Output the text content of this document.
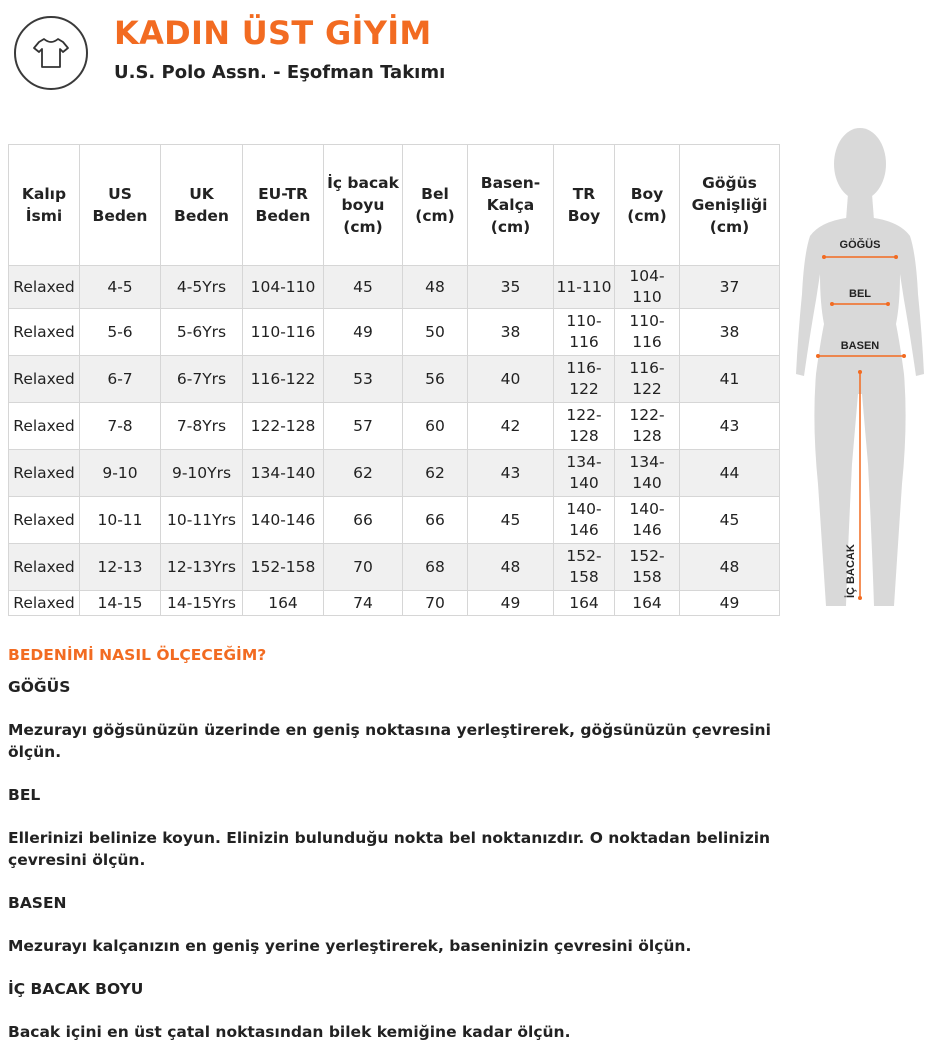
KADIN ÜST GİYİM
U.S. Polo Assn. - Eşofman Takımı
Kalıp İsmi	US Beden	UK Beden	EU-TR Beden	İç bacak boyu (cm)	Bel (cm)	Basen-Kalça (cm)	TR Boy	Boy (cm)	Göğüs Genişliği (cm)
Relaxed	4-5	4-5Yrs	104-110	45	48	35	11-110	104-110	37
Relaxed	5-6	5-6Yrs	110-116	49	50	38	110-116	110-116	38
Relaxed	6-7	6-7Yrs	116-122	53	56	40	116-122	116-122	41
Relaxed	7-8	7-8Yrs	122-128	57	60	42	122-128	122-128	43
Relaxed	9-10	9-10Yrs	134-140	62	62	43	134-140	134-140	44
Relaxed	10-11	10-11Yrs	140-146	66	66	45	140-146	140-146	45
Relaxed	12-13	12-13Yrs	152-158	70	68	48	152-158	152-158	48
Relaxed	14-15	14-15Yrs	164	74	70	49	164	164	49
GÖĞÜS
BEL
BASEN
İÇ BACAK

BEDENİMİ NASIL ÖLÇECEĞİM?

GÖĞÜS

Mezurayı göğsünüzün üzerinde en geniş noktasına yerleştirerek, göğsünüzün çevresini ölçün.

BEL

Ellerinizi belinize koyun. Elinizin bulunduğu nokta bel noktanızdır. O noktadan belinizin çevresini ölçün.

BASEN

Mezurayı kalçanızın en geniş yerine yerleştirerek, baseninizin çevresini ölçün.

İÇ BACAK BOYU

Bacak içini en üst çatal noktasından bilek kemiğine kadar ölçün.
